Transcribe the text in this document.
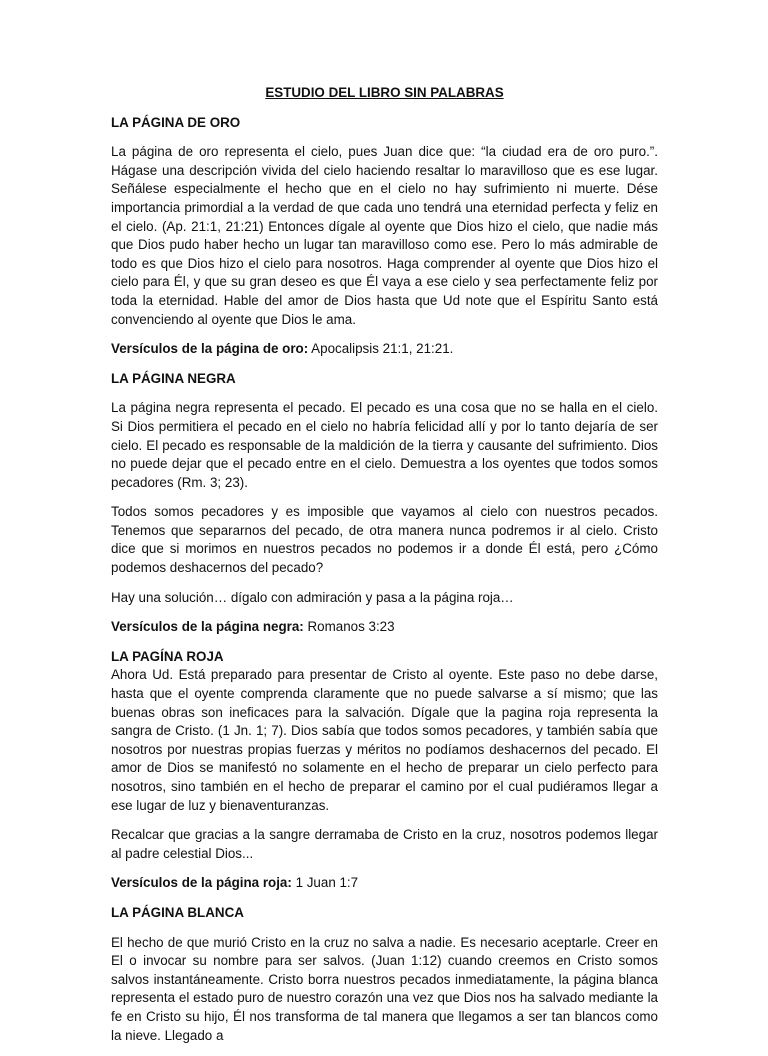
ESTUDIO DEL LIBRO SIN PALABRAS
LA PÁGINA DE ORO

La página de oro representa el cielo, pues Juan dice que: “la ciudad era de oro puro.”. Hágase una descripción vivida del cielo haciendo resaltar lo maravilloso que es ese lugar. Señálese especialmente el hecho que en el cielo no hay sufrimiento ni muerte. Dése importancia primordial a la verdad de que cada uno tendrá una eternidad perfecta y feliz en el cielo. (Ap. 21:1, 21:21) Entonces dígale al oyente que Dios hizo el cielo, que nadie más que Dios pudo haber hecho un lugar tan maravilloso como ese. Pero lo más admirable de todo es que Dios hizo el cielo para nosotros. Haga comprender al oyente que Dios hizo el cielo para Él, y que su gran deseo es que Él vaya a ese cielo y sea perfectamente feliz por toda la eternidad. Hable del amor de Dios hasta que Ud note que el Espíritu Santo está convenciendo al oyente que Dios le ama.

Versículos de la página de oro: Apocalipsis 21:1, 21:21.

LA PÁGINA NEGRA

La página negra representa el pecado. El pecado es una cosa que no se halla en el cielo. Si Dios permitiera el pecado en el cielo no habría felicidad allí y por lo tanto dejaría de ser cielo. El pecado es responsable de la maldición de la tierra y causante del sufrimiento. Dios no puede dejar que el pecado entre en el cielo. Demuestra a los oyentes que todos somos pecadores (Rm. 3; 23).

Todos somos pecadores y es imposible que vayamos al cielo con nuestros pecados. Tenemos que separarnos del pecado, de otra manera nunca podremos ir al cielo. Cristo dice que si morimos en nuestros pecados no podemos ir a donde Él está, pero ¿Cómo podemos deshacernos del pecado?

Hay una solución… dígalo con admiración y pasa a la página roja…

Versículos de la página negra: Romanos 3:23

LA PAGÍNA ROJA

Ahora Ud. Está preparado para presentar de Cristo al oyente. Este paso no debe darse, hasta que el oyente comprenda claramente que no puede salvarse a sí mismo; que las buenas obras son ineficaces para la salvación. Dígale que la pagina roja representa la sangra de Cristo. (1 Jn. 1; 7). Dios sabía que todos somos pecadores, y también sabía que nosotros por nuestras propias fuerzas y méritos no podíamos deshacernos del pecado. El amor de Dios se manifestó no solamente en el hecho de preparar un cielo perfecto para nosotros, sino también en el hecho de preparar el camino por el cual pudiéramos llegar a ese lugar de luz y bienaventuranzas.

Recalcar que gracias a la sangre derramaba de Cristo en la cruz, nosotros podemos llegar al padre celestial Dios...

Versículos de la página roja: 1 Juan 1:7

LA PÁGINA BLANCA

El hecho de que murió Cristo en la cruz no salva a nadie. Es necesario aceptarle. Creer en El o invocar su nombre para ser salvos. (Juan 1:12) cuando creemos en Cristo somos salvos instantáneamente. Cristo borra nuestros pecados inmediatamente, la página blanca representa el estado puro de nuestro corazón una vez que Dios nos ha salvado mediante la fe en Cristo su hijo, Él nos transforma de tal manera que llegamos a ser tan blancos como la nieve. Llegado a
